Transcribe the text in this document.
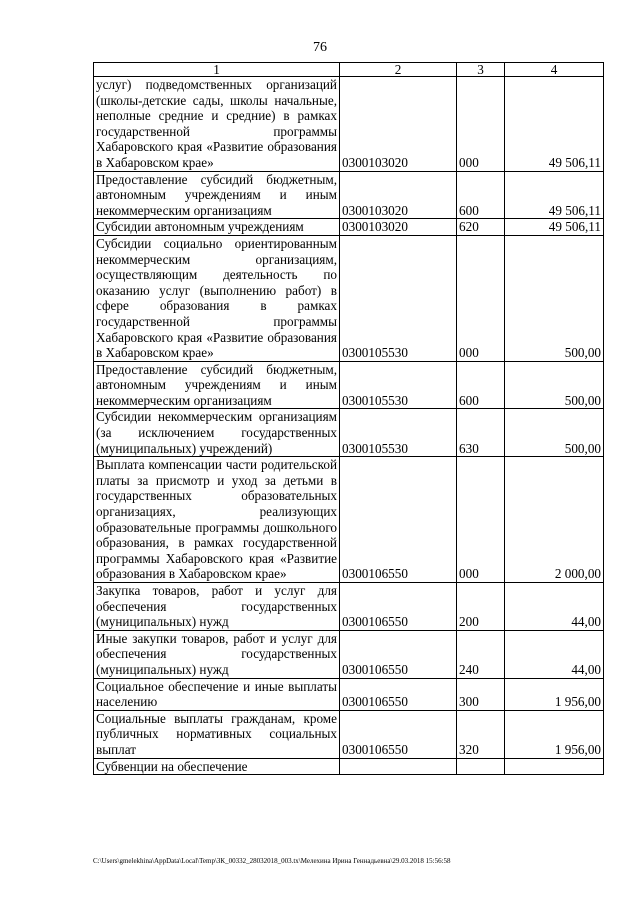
76
1	2	3	4
услуг) подведомственных организаций (школы-детские сады, школы начальные, неполные средние и средние) в рамках государственной программы Хабаровского края «Развитие образования в Хабаровском крае»	0300103020	000	49 506,11
Предоставление субсидий бюджетным, автономным учреждениям и иным некоммерческим организациям	0300103020	600	49 506,11
Субсидии автономным учреждениям	0300103020	620	49 506,11
Субсидии социально ориентированным некоммерческим организациям, осуществляющим деятельность по оказанию услуг (выполнению работ) в сфере образования в рамках государственной программы Хабаровского края «Развитие образования в Хабаровском крае»	0300105530	000	500,00
Предоставление субсидий бюджетным, автономным учреждениям и иным некоммерческим организациям	0300105530	600	500,00
Субсидии некоммерческим организациям (за исключением государственных (муниципальных) учреждений)	0300105530	630	500,00
Выплата компенсации части родительской платы за присмотр и уход за детьми в государственных образовательных организациях, реализующих образовательные программы дошкольного образования, в рамках государственной программы Хабаровского края «Развитие образования в Хабаровском крае»	0300106550	000	2 000,00
Закупка товаров, работ и услуг для обеспечения государственных (муниципальных) нужд	0300106550	200	44,00
Иные закупки товаров, работ и услуг для обеспечения государственных (муниципальных) нужд	0300106550	240	44,00
Социальное обеспечение и иные выплаты населению	0300106550	300	1 956,00
Социальные выплаты гражданам, кроме публичных нормативных социальных выплат	0300106550	320	1 956,00
Субвенции на обеспечение			
C:\Users\gmelekhina\AppData\Local\Temp\ЗК_00332_28032018_003.tx\Мелехина Ирина Геннадьевна\29.03.2018 15:56:58
